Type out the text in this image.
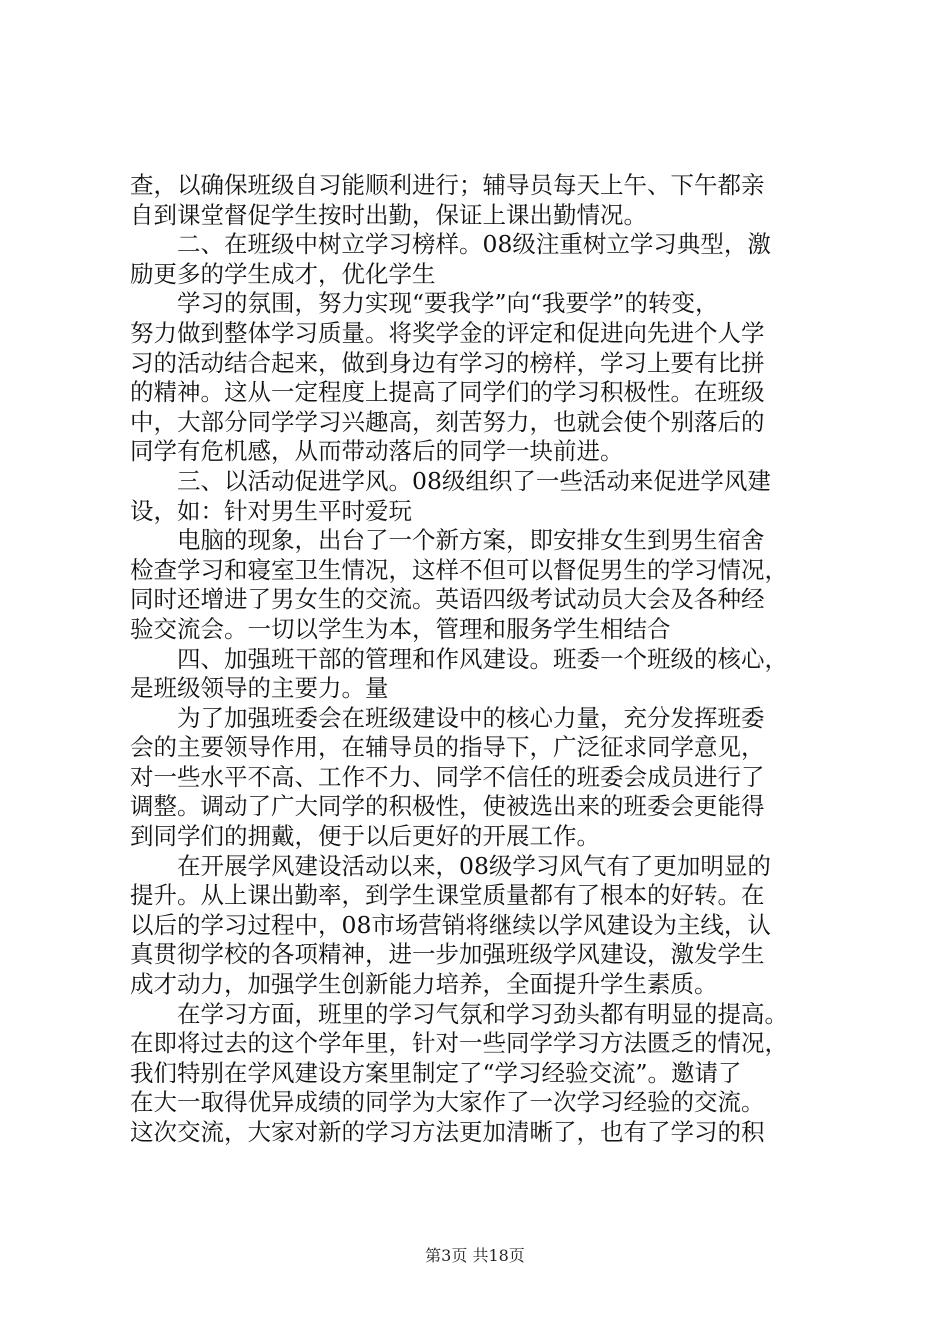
查，以确保班级自习能顺利进行；辅导员每天上午、下午都亲
自到课堂督促学生按时出勤，保证上课出勤情况。
　　二、在班级中树立学习榜样。08级注重树立学习典型，激
励更多的学生成才，优化学生
　　学习的氛围，努力实现“要我学”向“我要学”的转变，
努力做到整体学习质量。将奖学金的评定和促进向先进个人学
习的活动结合起来，做到身边有学习的榜样，学习上要有比拼
的精神。这从一定程度上提高了同学们的学习积极性。在班级
中，大部分同学学习兴趣高，刻苦努力，也就会使个别落后的
同学有危机感，从而带动落后的同学一块前进。
　　三、以活动促进学风。08级组织了一些活动来促进学风建
设，如：针对男生平时爱玩
　　电脑的现象，出台了一个新方案，即安排女生到男生宿舍
检查学习和寝室卫生情况，这样不但可以督促男生的学习情况，
同时还增进了男女生的交流。英语四级考试动员大会及各种经
验交流会。一切以学生为本，管理和服务学生相结合
　　四、加强班干部的管理和作风建设。班委一个班级的核心，
是班级领导的主要力。量
　　为了加强班委会在班级建设中的核心力量，充分发挥班委
会的主要领导作用，在辅导员的指导下，广泛征求同学意见，
对一些水平不高、工作不力、同学不信任的班委会成员进行了
调整。调动了广大同学的积极性，使被选出来的班委会更能得
到同学们的拥戴，便于以后更好的开展工作。
　　在开展学风建设活动以来，08级学习风气有了更加明显的
提升。从上课出勤率，到学生课堂质量都有了根本的好转。在
以后的学习过程中，08市场营销将继续以学风建设为主线，认
真贯彻学校的各项精神，进一步加强班级学风建设，激发学生
成才动力，加强学生创新能力培养，全面提升学生素质。
　　在学习方面，班里的学习气氛和学习劲头都有明显的提高。
在即将过去的这个学年里，针对一些同学学习方法匮乏的情况，
我们特别在学风建设方案里制定了“学习经验交流”。邀请了
在大一取得优异成绩的同学为大家作了一次学习经验的交流。
这次交流，大家对新的学习方法更加清晰了，也有了学习的积
第3页 共18页
